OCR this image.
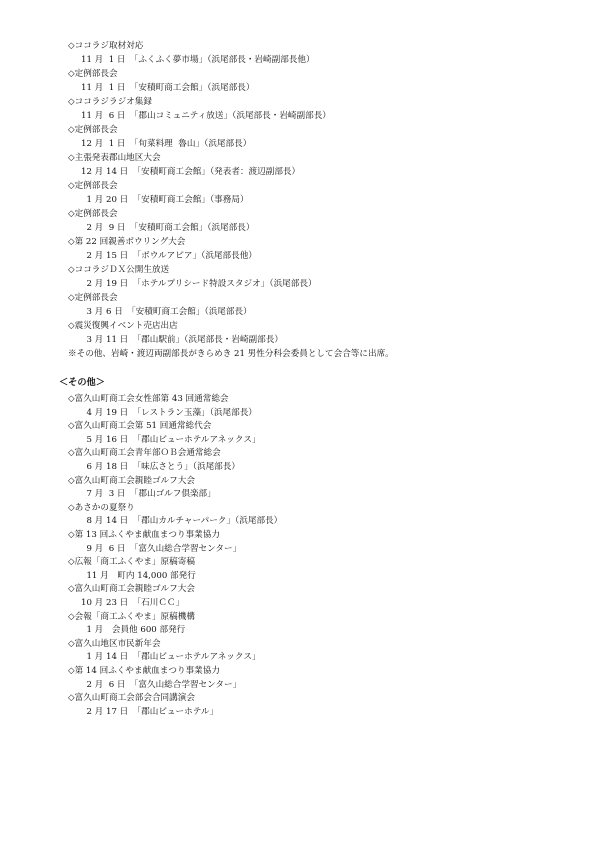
◇ココラジ取材対応
11 月  1 日　「ふくふく夢市場」（浜尾部長・岩崎副部長他）
◇定例部長会
11 月  1 日　「安積町商工会館」（浜尾部長）
◇ココラジラジオ集録
11 月  6 日　「郡山コミュニティ放送」（浜尾部長・岩崎副部長）
◇定例部長会
12 月  1 日　「旬菜料理  魯山」（浜尾部長）
◇主張発表郡山地区大会
12 月 14 日　「安積町商工会館」（発表者：渡辺副部長）
◇定例部長会
1 月 20 日　「安積町商工会館」（事務局）
◇定例部長会
2 月  9 日　「安積町商工会館」（浜尾部長）
◇第 22 回親善ボウリング大会
2 月 15 日　「ボウルアピア」（浜尾部長他）
◇ココラジＤＸ公開生放送
2 月 19 日　「ホテルプリシード特設スタジオ」（浜尾部長）
◇定例部長会
3 月 6 日　「安積町商工会館」（浜尾部長）
◇震災復興イベント売店出店
3 月 11 日　「郡山駅前」（浜尾部長・岩崎副部長）
※その他、岩崎・渡辺両副部長がきらめき 21 男性分科会委員として会合等に出席。
＜その他＞
◇富久山町商工会女性部第 43 回通常総会
4 月 19 日　「レストラン玉藻」（浜尾部長）
◇富久山町商工会第 51 回通常総代会
5 月 16 日　「郡山ビューホテルアネックス」
◇富久山町商工会青年部ＯＢ会通常総会
6 月 18 日　「味広さとう」（浜尾部長）
◇富久山町商工会親睦ゴルフ大会
7 月  3 日　「郡山ゴルフ倶楽部」
◇あさかの夏祭り
8 月 14 日　「郡山カルチャーパーク」（浜尾部長）
◇第 13 回ふくやま献血まつり事業協力
9 月  6 日　「富久山総合学習センター」
◇広報「商工ふくやま」原稿寄稿
11 月　町内 14,000 部発行
◇富久山町商工会親睦ゴルフ大会
10 月 23 日　「石川ＣＣ」
◇会報「商工ふくやま」原稿機構
1 月　会員他 600 部発行
◇富久山地区市民新年会
1 月 14 日　「郡山ビューホテルアネックス」
◇第 14 回ふくやま献血まつり事業協力
2 月  6 日　「富久山総合学習センター」
◇富久山町商工会部会合同講演会
2 月 17 日　「郡山ビューホテル」
